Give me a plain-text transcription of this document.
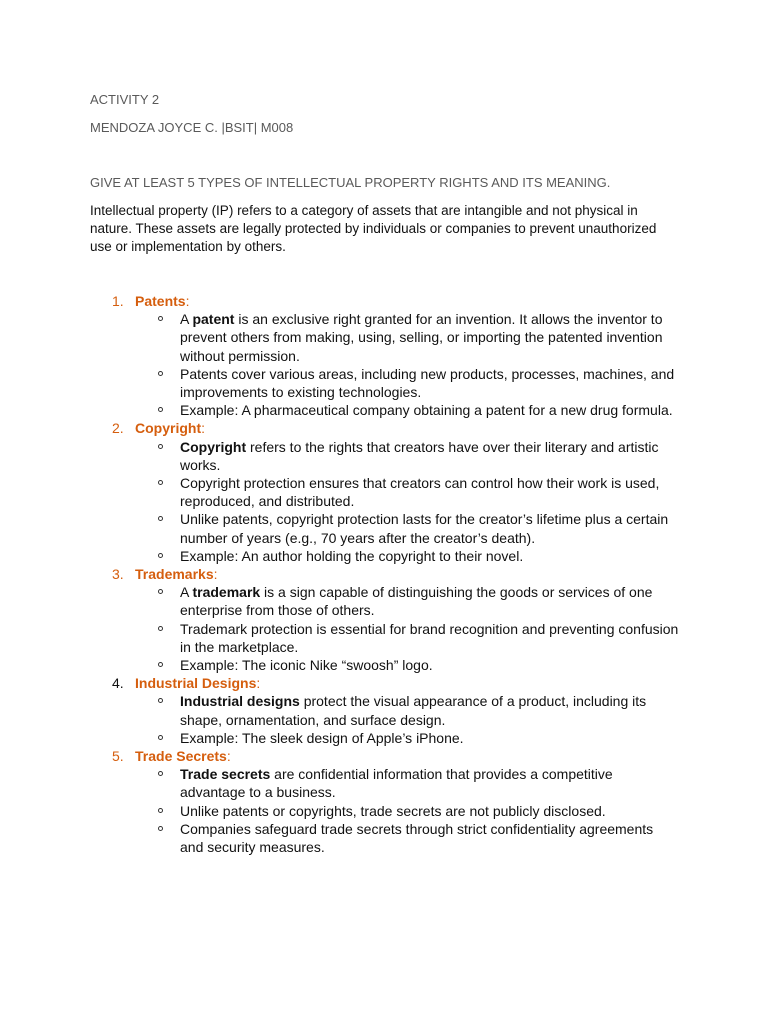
ACTIVITY 2

MENDOZA JOYCE C. |BSIT| M008

GIVE AT LEAST 5 TYPES OF INTELLECTUAL PROPERTY RIGHTS AND ITS MEANING.

Intellectual property (IP) refers to a category of assets that are intangible and not physical in nature. These assets are legally protected by individuals or companies to prevent unauthorized use or implementation by others.

1. Patents:
A patent is an exclusive right granted for an invention. It allows the inventor to prevent others from making, using, selling, or importing the patented invention without permission.
Patents cover various areas, including new products, processes, machines, and improvements to existing technologies.
Example: A pharmaceutical company obtaining a patent for a new drug formula.
2. Copyright:
Copyright refers to the rights that creators have over their literary and artistic works.
Copyright protection ensures that creators can control how their work is used, reproduced, and distributed.
Unlike patents, copyright protection lasts for the creator’s lifetime plus a certain number of years (e.g., 70 years after the creator’s death).
Example: An author holding the copyright to their novel.
3. Trademarks:
A trademark is a sign capable of distinguishing the goods or services of one enterprise from those of others.
Trademark protection is essential for brand recognition and preventing confusion in the marketplace.
Example: The iconic Nike “swoosh” logo.
4. Industrial Designs:
Industrial designs protect the visual appearance of a product, including its shape, ornamentation, and surface design.
Example: The sleek design of Apple’s iPhone.
5. Trade Secrets:
Trade secrets are confidential information that provides a competitive advantage to a business.
Unlike patents or copyrights, trade secrets are not publicly disclosed.
Companies safeguard trade secrets through strict confidentiality agreements and security measures.
